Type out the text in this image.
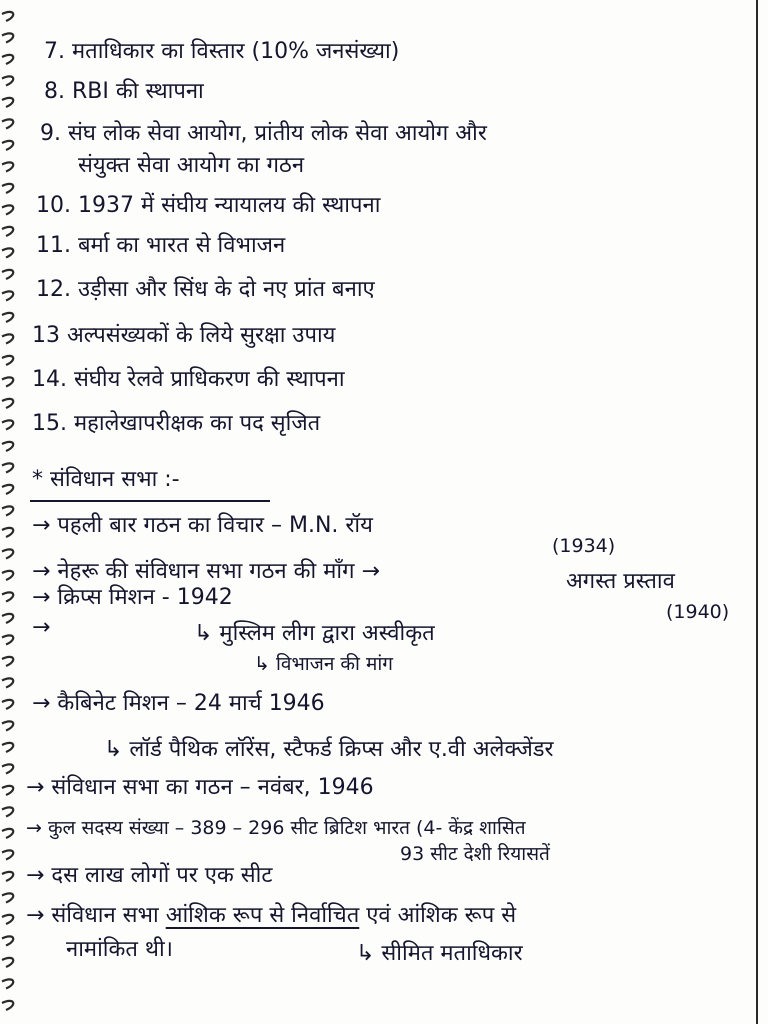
7. मताधिकार का विस्तार (10% जनसंख्या)
8. RBI की स्थापना
9. संघ लोक सेवा आयोग, प्रांतीय लोक सेवा आयोग और
संयुक्त सेवा आयोग का गठन
10. 1937 में संघीय न्यायालय की स्थापना
11. बर्मा का भारत से विभाजन
12. उड़ीसा और सिंध के दो नए प्रांत बनाए
13 अल्पसंख्यकों के लिये सुरक्षा उपाय
14. संघीय रेलवे प्राधिकरण की स्थापना
15. महालेखापरीक्षक का पद सृजित
* संविधान सभा :-
→ पहली बार गठन का विचार – M.N. रॉय
(1934)
→ नेहरू की संविधान सभा गठन की माँग →	अगस्त प्रस्ताव
(1940)
→ क्रिप्स मिशन - 1942
→	↳ मुस्लिम लीग द्वारा अस्वीकृत
↳ विभाजन की मांग
→ कैबिनेट मिशन – 24 मार्च 1946
↳ लॉर्ड पैथिक लॉरेंस, स्टैफर्ड क्रिप्स और ए.वी अलेक्जेंडर
→ संविधान सभा का गठन – नवंबर, 1946
→ कुल सदस्य संख्या – 389 – 296 सीट ब्रिटिश भारत (4- केंद्र शासित
93 सीट देशी रियासतें
→ दस लाख लोगों पर एक सीट
→ संविधान सभा आंशिक रूप से निर्वाचित एवं आंशिक रूप से
नामांकित थी।	↳ सीमित मताधिकार
